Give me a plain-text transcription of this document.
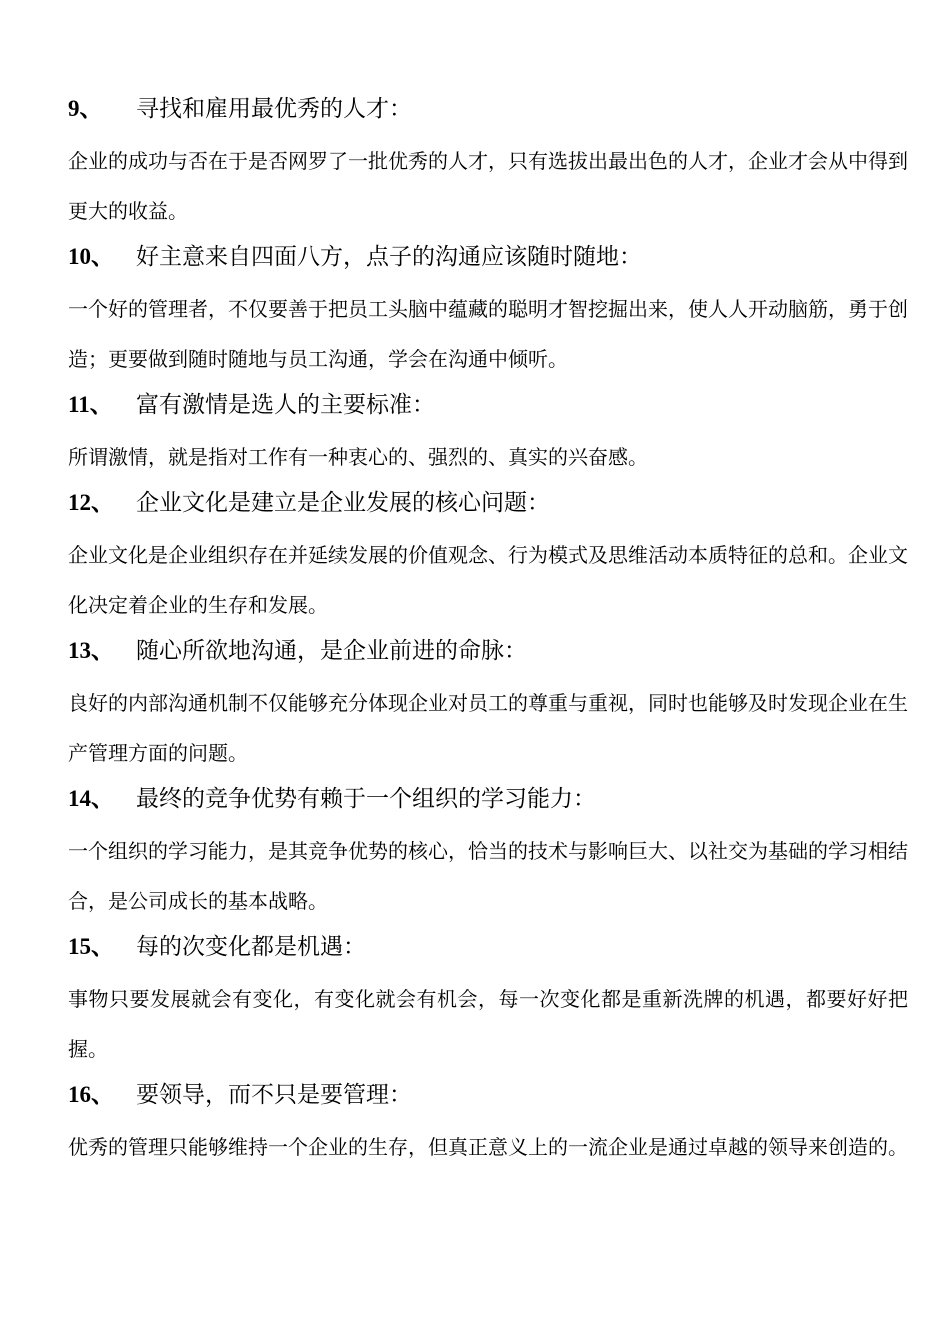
9、	寻找和雇用最优秀的人才：

企业的成功与否在于是否网罗了一批优秀的人才，只有选拔出最出色的人才，企业才会从中得到更大的收益。

10、 好主意来自四面八方，点子的沟通应该随时随地：

一个好的管理者，不仅要善于把员工头脑中蕴藏的聪明才智挖掘出来，使人人开动脑筋，勇于创造；更要做到随时随地与员工沟通，学会在沟通中倾听。

11、	富有激情是选人的主要标准：

所谓激情，就是指对工作有一种衷心的、强烈的、真实的兴奋感。

12、 企业文化是建立是企业发展的核心问题：

企业文化是企业组织存在并延续发展的价值观念、行为模式及思维活动本质特征的总和。企业文化决定着企业的生存和发展。

13、 随心所欲地沟通，是企业前进的命脉：

良好的内部沟通机制不仅能够充分体现企业对员工的尊重与重视，同时也能够及时发现企业在生产管理方面的问题。

14、 最终的竞争优势有赖于一个组织的学习能力：

一个组织的学习能力，是其竞争优势的核心，恰当的技术与影响巨大、以社交为基础的学习相结合，是公司成长的基本战略。

15、 每的次变化都是机遇：

事物只要发展就会有变化，有变化就会有机会，每一次变化都是重新洗牌的机遇，都要好好把握。

16、 要领导，而不只是要管理：

优秀的管理只能够维持一个企业的生存，但真正意义上的一流企业是通过卓越的领导来创造的。
